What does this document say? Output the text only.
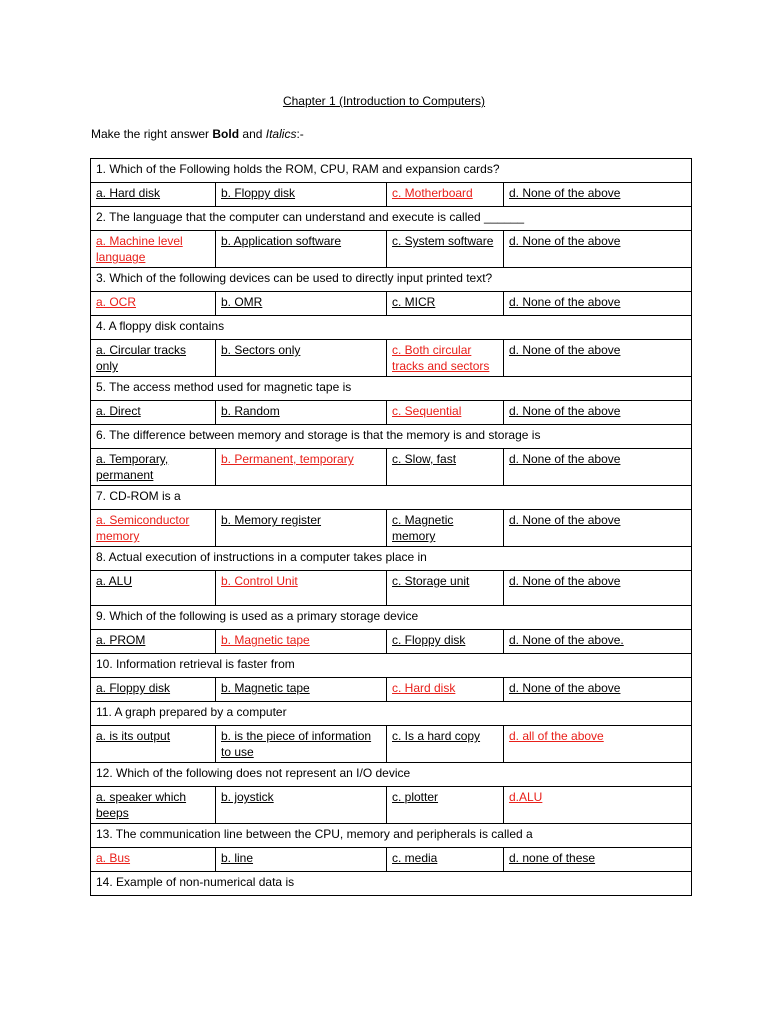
Chapter 1 (Introduction to Computers)
Make the right answer Bold and Italics:-
1. Which of the Following holds the ROM, CPU, RAM and expansion cards?			
a. Hard disk	b. Floppy disk	c. Motherboard	d. None of the above
2. The language that the computer can understand and execute is called ______			
a. Machine level language	b. Application software	c. System software	d. None of the above
3. Which of the following devices can be used to directly input printed text?			
a. OCR	b. OMR	c. MICR	d. None of the above
4. A floppy disk contains			
a. Circular tracks only	b. Sectors only	c. Both circular tracks and sectors	d. None of the above
5. The access method used for magnetic tape is			
a. Direct	b. Random	c. Sequential	d. None of the above
6. The difference between memory and storage is that the memory is and storage is			
a. Temporary, permanent	b. Permanent, temporary	c. Slow, fast	d. None of the above
7. CD-ROM is a			
a. Semiconductor memory	b. Memory register	c. Magnetic memory	d. None of the above
8. Actual execution of instructions in a computer takes place in			
a. ALU	b. Control Unit	c. Storage unit	d. None of the above
9. Which of the following is used as a primary storage device			
a. PROM	b. Magnetic tape	c. Floppy disk	d. None of the above.
10. Information retrieval is faster from			
a. Floppy disk	b. Magnetic tape	c. Hard disk	d. None of the above
11. A graph prepared by a computer			
a. is its output	b. is the piece of information to use	c. Is a hard copy	d. all of the above
12. Which of the following does not represent an I/O device			
a. speaker which beeps	b. joystick	c. plotter	d.ALU
13. The communication line between the CPU, memory and peripherals is called a			
a. Bus	b. line	c. media	d. none of these
14. Example of non-numerical data is			
